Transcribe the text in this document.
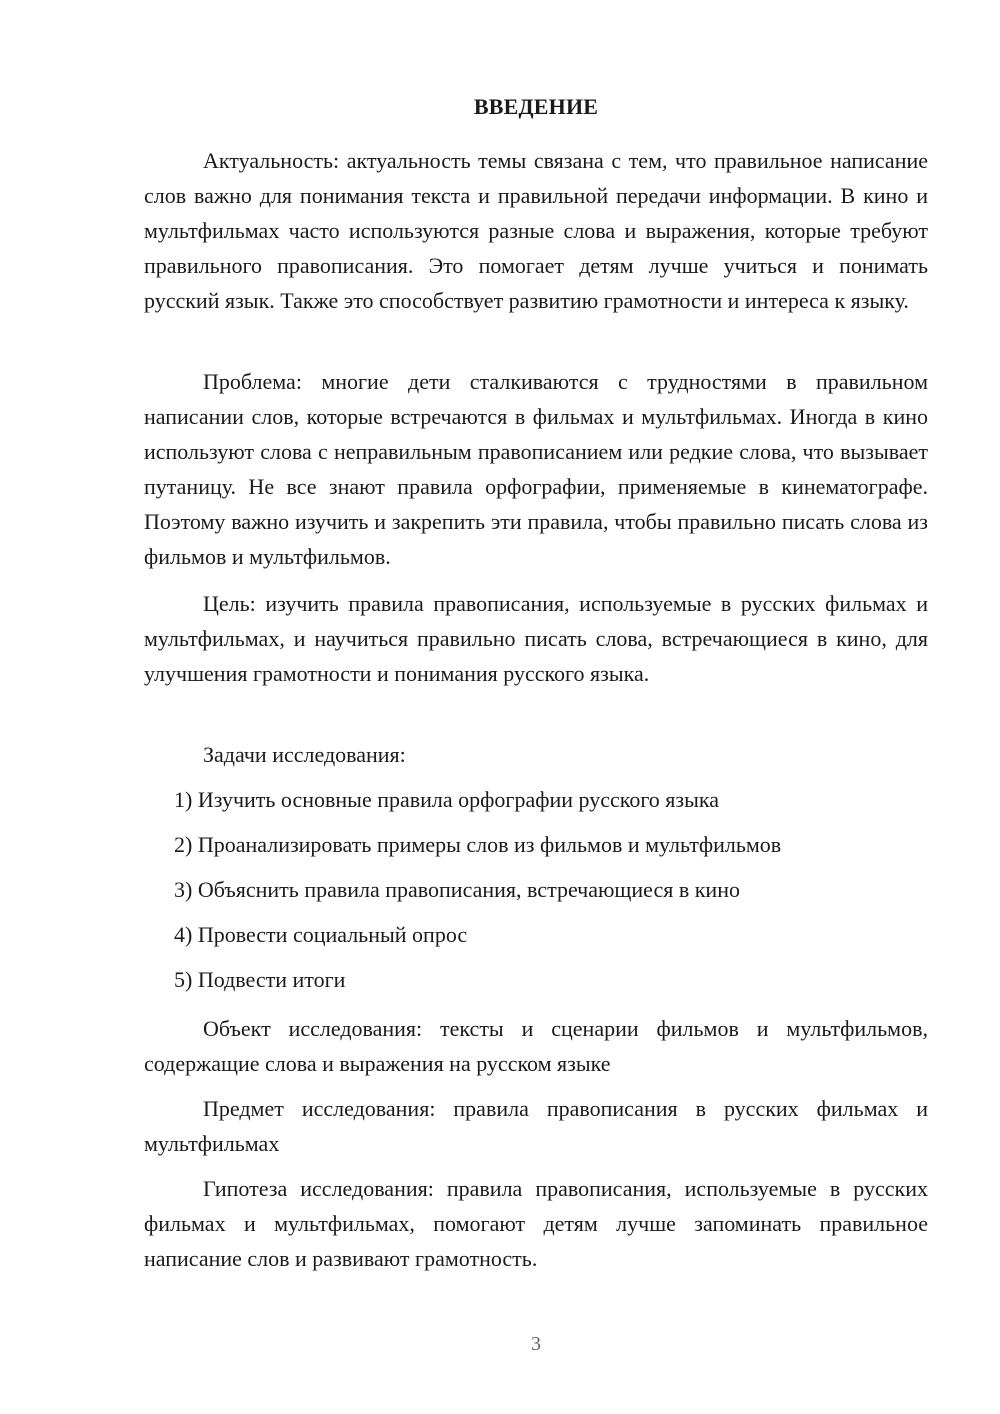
ВВЕДЕНИЕ

Актуальность: актуальность темы связана с тем, что правильное написание слов важно для понимания текста и правильной передачи информации. В кино и мультфильмах часто используются разные слова и выражения, которые требуют правильного правописания. Это помогает детям лучше учиться и понимать русский язык. Также это способствует развитию грамотности и интереса к языку.

Проблема: многие дети сталкиваются с трудностями в правильном написании слов, которые встречаются в фильмах и мультфильмах. Иногда в кино используют слова с неправильным правописанием или редкие слова, что вызывает путаницу. Не все знают правила орфографии, применяемые в кинематографе. Поэтому важно изучить и закрепить эти правила, чтобы правильно писать слова из фильмов и мультфильмов.

Цель: изучить правила правописания, используемые в русских фильмах и мультфильмах, и научиться правильно писать слова, встречающиеся в кино, для улучшения грамотности и понимания русского языка.

Задачи исследования:

1) Изучить основные правила орфографии русского языка
2) Проанализировать примеры слов из фильмов и мультфильмов
3) Объяснить правила правописания, встречающиеся в кино
4) Провести социальный опрос
5) Подвести итоги

Объект исследования: тексты и сценарии фильмов и мультфильмов, содержащие слова и выражения на русском языке

Предмет исследования: правила правописания в русских фильмах и мультфильмах

Гипотеза исследования: правила правописания, используемые в русских фильмах и мультфильмах, помогают детям лучше запоминать правильное написание слов и развивают грамотность.

3
